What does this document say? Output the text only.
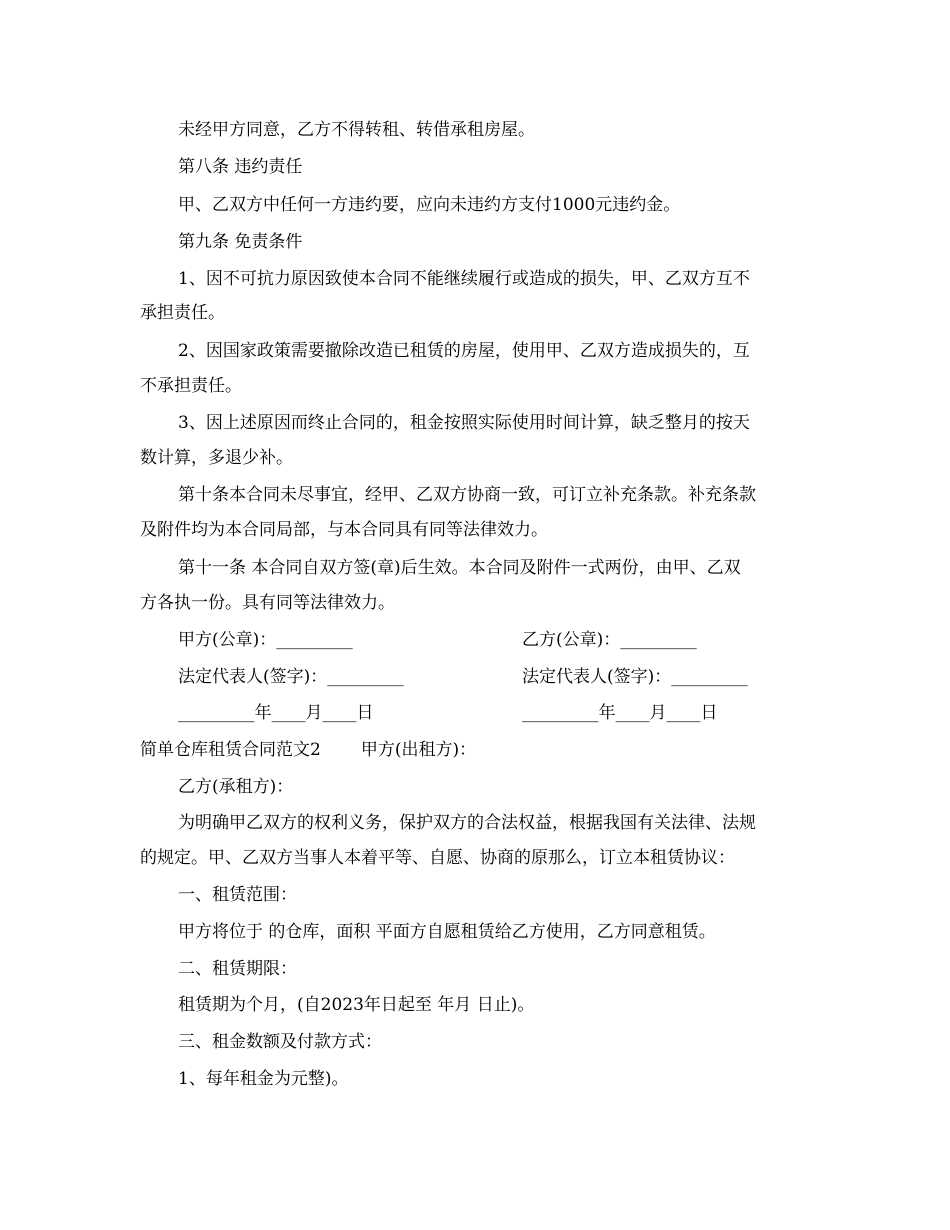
未经甲方同意，乙方不得转租、转借承租房屋。
第八条 违约责任
甲、乙双方中任何一方违约要，应向未违约方支付1000元违约金。
第九条 免责条件
1、因不可抗力原因致使本合同不能继续履行或造成的损失，甲、乙双方互不
承担责任。
2、因国家政策需要撤除改造已租赁的房屋，使用甲、乙双方造成损失的，互
不承担责任。
3、因上述原因而终止合同的，租金按照实际使用时间计算，缺乏整月的按天
数计算，多退少补。
第十条本合同未尽事宜，经甲、乙双方协商一致，可订立补充条款。补充条款
及附件均为本合同局部，与本合同具有同等法律效力。
第十一条 本合同自双方签(章)后生效。本合同及附件一式两份，由甲、乙双
方各执一份。具有同等法律效力。
甲方(公章)：_________	乙方(公章)：_________
法定代表人(签字)：_________	法定代表人(签字)：_________
_________年____月____日	_________年____月____日
简单仓库租赁合同范文2 甲方(出租方)：
乙方(承租方)：
为明确甲乙双方的权利义务，保护双方的合法权益，根据我国有关法律、法规
的规定。甲、乙双方当事人本着平等、自愿、协商的原那么，订立本租赁协议：
一、租赁范围：
甲方将位于 的仓库，面积 平面方自愿租赁给乙方使用，乙方同意租赁。
二、租赁期限：
租赁期为个月，(自2023年日起至 年月 日止)。
三、租金数额及付款方式：
1、每年租金为元整)。
